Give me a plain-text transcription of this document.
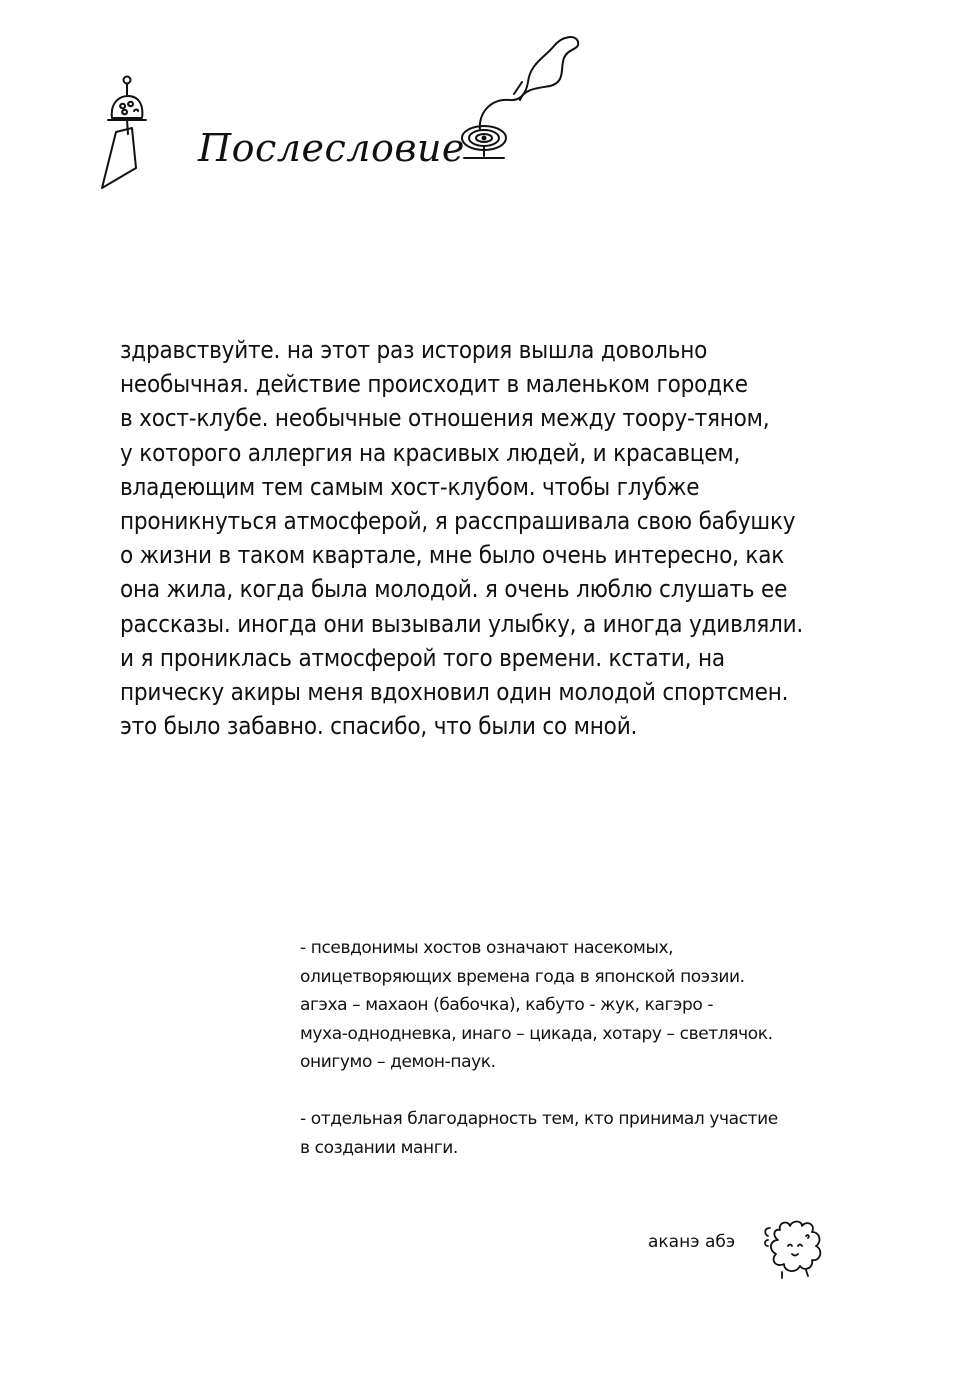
Послесловие
здравствуйте. на этот раз история вышла довольно
необычная. действие происходит в маленьком городке
в хост-клубе. необычные отношения между тоору-тяном,
у которого аллергия на красивых людей, и красавцем,
владеющим тем самым хост-клубом. чтобы глубже
проникнуться атмосферой, я расспрашивала свою бабушку
о жизни в таком квартале, мне было очень интересно, как
она жила, когда была молодой. я очень люблю слушать ее
рассказы. иногда они вызывали улыбку, а иногда удивляли.
и я прониклась атмосферой того времени. кстати, на
прическу акиры меня вдохновил один молодой спортсмен.
это было забавно. спасибо, что были со мной.
- псевдонимы хостов означают насекомых,
олицетворяющих времена года в японской поэзии.
агэха – махаон (бабочка), кабуто - жук, кагэро -
муха-однодневка, инаго – цикада, хотару – светлячок.
онигумо – демон-паук.
- отдельная благодарность тем, кто принимал участие
в создании манги.
аканэ абэ
